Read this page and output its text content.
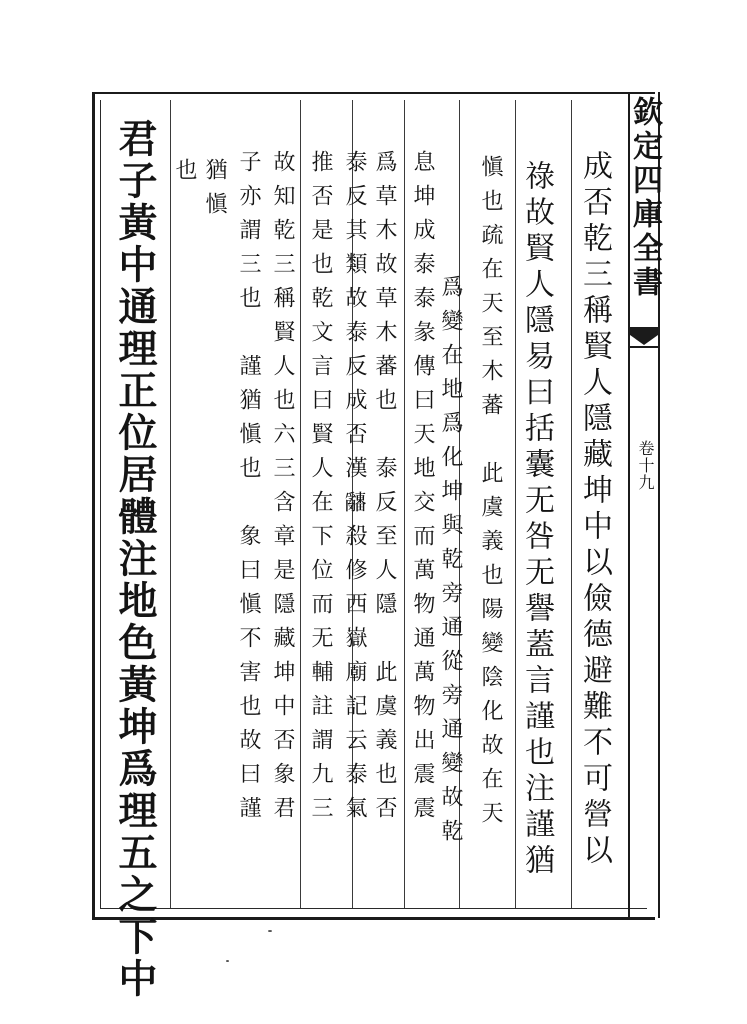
欽定四庫全書
卷十九
成否乾三稱賢人隱藏坤中以儉德避難不可營以
祿故賢人隱易曰括囊无咎无譽蓋言謹也注謹猶
愼也疏在天至木蕃　此虞義也陽變陰化故在天
爲變在地爲化坤與乾旁通從旁通變故乾
息坤成泰泰彖傳曰天地交而萬物通萬物出震震
爲草木故草木蕃也　泰反至人隱　此虞義也否
泰反其類故泰反成否漢𤕌殺修西嶽廟記云泰氣
推否是也乾文言曰賢人在下位而无輔註謂九三
故知乾三稱賢人也六三含章是隱藏坤中否象君
子亦謂三也　謹猶愼也　象曰愼不害也故曰謹
猶愼
也
君子黃中通理正位居體注地色黃坤爲理五之下中
